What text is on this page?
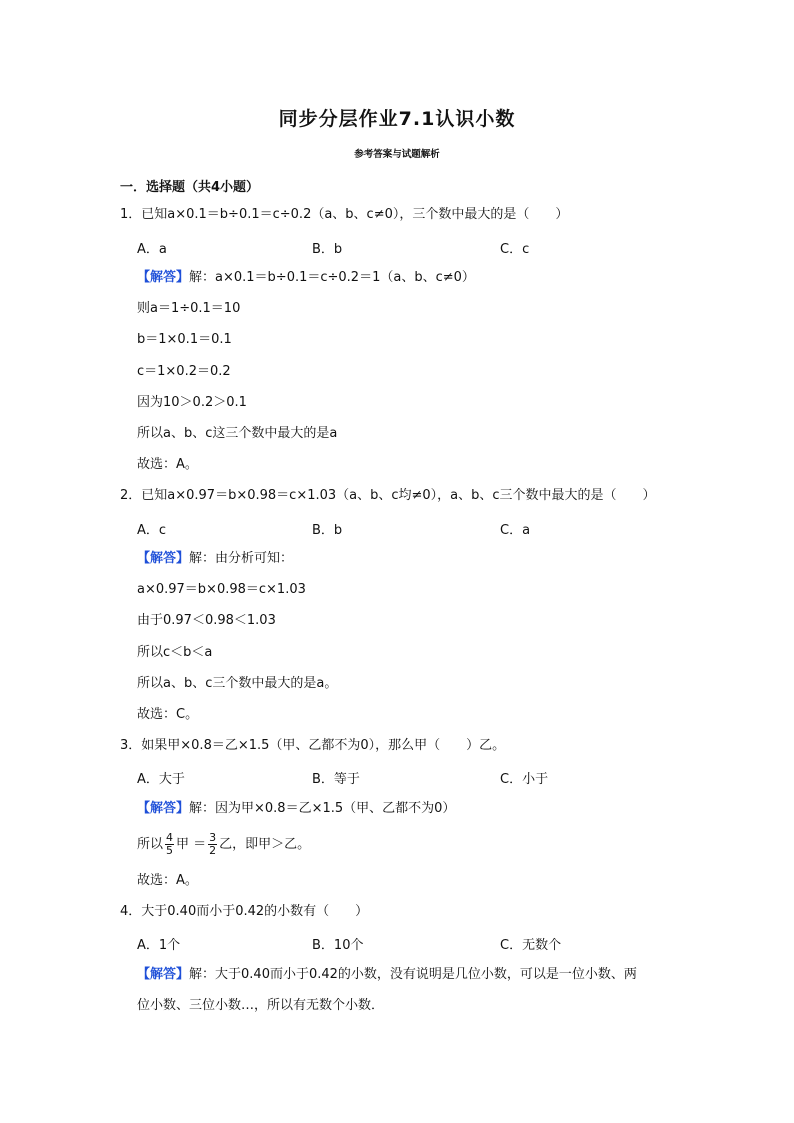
同步分层作业7.1认识小数
参考答案与试题解析
一．选择题（共4小题）
1．已知a×0.1＝b÷0.1＝c÷0.2（a、b、c≠0），三个数中最大的是（　　）
A．a	B．b	C．c
【解答】解：a×0.1＝b÷0.1＝c÷0.2＝1（a、b、c≠0）
则a＝1÷0.1＝10
b＝1×0.1＝0.1
c＝1×0.2＝0.2
因为10＞0.2＞0.1
所以a、b、c这三个数中最大的是a
故选：A。
2．已知a×0.97＝b×0.98＝c×1.03（a、b、c均≠0），a、b、c三个数中最大的是（　　）
A．c	B．b	C．a
【解答】解：由分析可知：
a×0.97＝b×0.98＝c×1.03
由于0.97＜0.98＜1.03
所以c＜b＜a
所以a、b、c三个数中最大的是a。
故选：C。
3．如果甲×0.8＝乙×1.5（甲、乙都不为0），那么甲（　　）乙。
A．大于	B．等于	C．小于
【解答】解：因为甲×0.8＝乙×1.5（甲、乙都不为0）
所以 $\frac{4}{5}$ 甲 ＝ $\frac{3}{2}$ 乙，即甲＞乙。
故选：A。
4．大于0.40而小于0.42的小数有（　　）
A．1个	B．10个	C．无数个
【解答】解：大于0.40而小于0.42的小数，没有说明是几位小数，可以是一位小数、两
位小数、三位小数…，所以有无数个小数．
